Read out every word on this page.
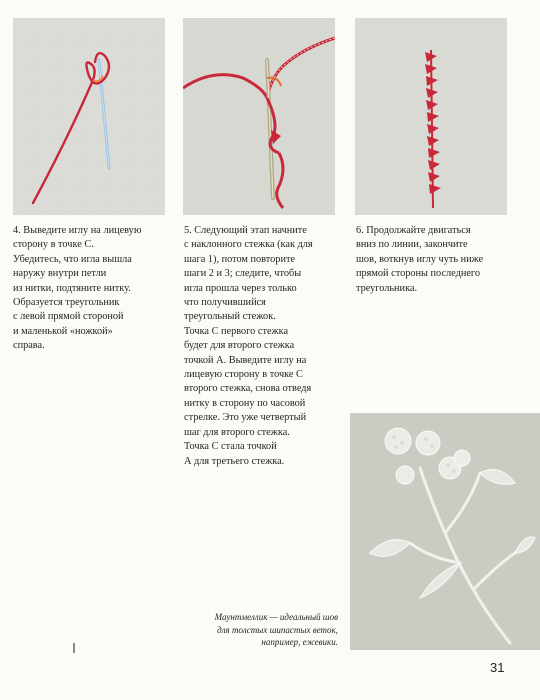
4. Выведите иглу на лицевую
сторону в точке С.
Убедитесь, что игла вышла
наружу внутри петли
из нитки, подтяните нитку.
Образуется треугольник
с левой прямой стороной
и маленькой «ножкой»
справа.
5. Следующий этап начните
с наклонного стежка (как для
шага 1), потом повторите
шаги 2 и 3; следите, чтобы
игла прошла через только
что получившийся
треугольный стежок.
Точка С первого стежка
будет для второго стежка
точкой А. Выведите иглу на
лицевую сторону в точке С
второго стежка, снова отведя
нитку в сторону по часовой
стрелке. Это уже четвертый
шаг для второго стежка.
Точка С стала точкой
А для третьего стежка.
6. Продолжайте двигаться
вниз по линии, закончите
шов, воткнув иглу чуть ниже
прямой стороны последнего
треугольника.
Маунтмеллик — идеальный шов
для толстых шипастых веток,
например, ежевики.
31
